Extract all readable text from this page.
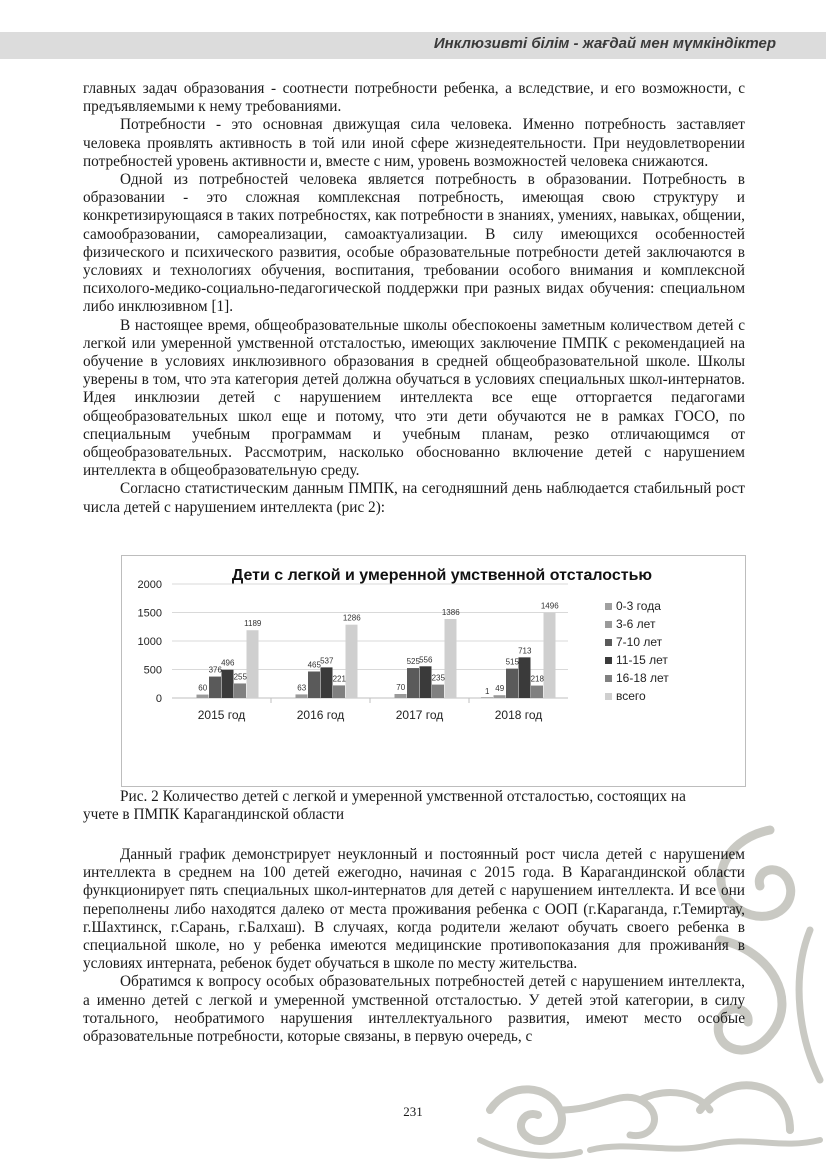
Инклюзивті білім - жағдай мен мүмкіндіктер

главных задач образования - соотнести потребности ребенка, а вследствие, и его возможности, с предъявляемыми к нему требованиями.

Потребности - это основная движущая сила человека. Именно потребность заставляет человека проявлять активность в той или иной сфере жизнедеятельности. При неудовлетворении потребностей уровень активности и, вместе с ним, уровень возможностей человека снижаются.

Одной из потребностей человека является потребность в образовании. Потребность в образовании - это сложная комплексная потребность, имеющая свою структуру и конкретизирующаяся в таких потребностях, как потребности в знаниях, умениях, навыках, общении, самообразовании, самореализации, самоактуализации. В силу имеющихся особенностей физического и психического развития, особые образовательные потребности детей заключаются в условиях и технологиях обучения, воспитания, требовании особого внимания и комплексной психолого-медико-социально-педагогической поддержки при разных видах обучения: специальном либо инклюзивном [1].

В настоящее время, общеобразовательные школы обеспокоены заметным количеством детей с легкой или умеренной умственной отсталостью, имеющих заключение ПМПК с рекомендацией на обучение в условиях инклюзивного образования в средней общеобразовательной школе. Школы уверены в том, что эта категория детей должна обучаться в условиях специальных школ-интернатов. Идея инклюзии детей с нарушением интеллекта все еще отторгается педагогами общеобразовательных школ еще и потому, что эти дети обучаются не в рамках ГОСО, по специальным учебным программам и учебным планам, резко отличающимся от общеобразовательных. Рассмотрим, насколько обоснованно включение детей с нарушением интеллекта в общеобразовательную среду.

Согласно статистическим данным ПМПК, на сегодняшний день наблюдается стабильный рост числа детей с нарушением интеллекта (рис 2):

Дети с легкой и умеренной умственной отсталостью
0
500
1000
1500
2000
60
376
496
255
1189
63
465 537
221
1286
70
525 556
235
1386
1 49
515
713
218
1496
2015 год	2016 год	2017 год	2018 год
0-3 года
3-6 лет
7-10 лет
11-15 лет
16-18 лет
всего
Рис. 2 Количество детей с легкой и умеренной умственной отсталостью, состоящих на
учете в ПМПК Карагандинской области

Данный график демонстрирует неуклонный и постоянный рост числа детей с нарушением интеллекта в среднем на 100 детей ежегодно, начиная с 2015 года. В Карагандинской области функционирует пять специальных школ-интернатов для детей с нарушением интеллекта. И все они переполнены либо находятся далеко от места проживания ребенка с ООП (г.Караганда, г.Темиртау, г.Шахтинск, г.Сарань, г.Балхаш). В случаях, когда родители желают обучать своего ребенка в специальной школе, но у ребенка имеются медицинские противопоказания для проживания в условиях интерната, ребенок будет обучаться в школе по месту жительства.

Обратимся к вопросу особых образовательных потребностей детей с нарушением интеллекта, а именно детей с легкой и умеренной умственной отсталостью. У детей этой категории, в силу тотального, необратимого нарушения интеллектуального развития, имеют место особые образовательные потребности, которые связаны, в первую очередь, с

231
